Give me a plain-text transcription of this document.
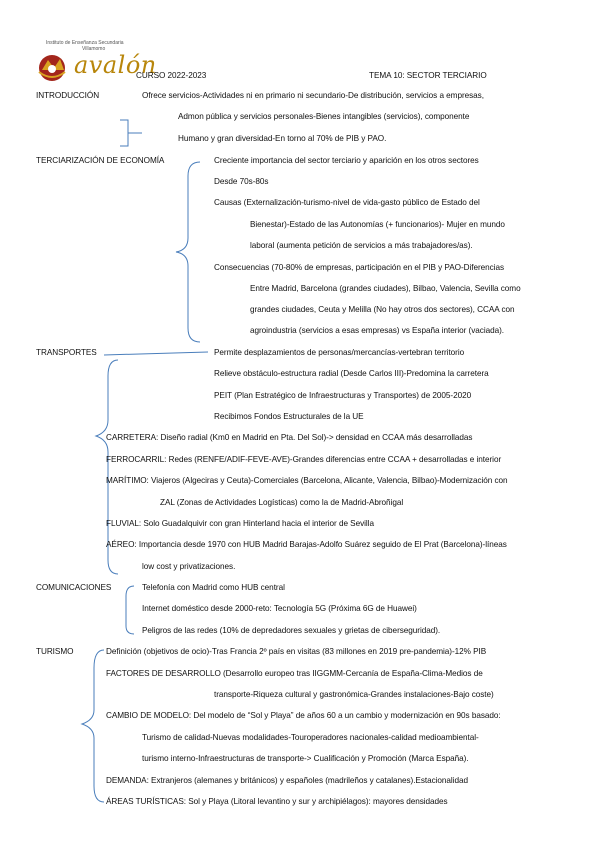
Instituto de Enseñanza Secundaria
Villamomo
avalón
CURSO 2022-2023	TEMA 10: SECTOR TERCIARIO
INTRODUCCIÓN	Ofrece servicios-Actividades ni en primario ni secundario-De distribución, servicios a empresas,
Admon pública y servicios personales-Bienes intangibles (servicios), componente
Humano y gran diversidad-En torno al 70% de PIB y PAO.
TERCIARIZACIÓN DE ECONOMÍA	Creciente importancia del sector terciario y aparición en los otros sectores
Desde 70s-80s
Causas (Externalización-turismo-nivel de vida-gasto público de Estado del
Bienestar)-Estado de las Autonomías (+ funcionarios)- Mujer en mundo
laboral (aumenta petición de servicios a más trabajadores/as).
Consecuencias (70-80% de empresas, participación en el PIB y PAO-Diferencias
Entre Madrid, Barcelona (grandes ciudades), Bilbao, Valencia, Sevilla como
grandes ciudades, Ceuta y Melilla (No hay otros dos sectores), CCAA con
agroindustria (servicios a esas empresas) vs España interior (vaciada).
TRANSPORTES	Permite desplazamientos de personas/mercancías-vertebran territorio
Relieve obstáculo-estructura radial (Desde Carlos III)-Predomina la carretera
PEIT (Plan Estratégico de Infraestructuras y Transportes) de 2005-2020
Recibimos Fondos Estructurales de la UE
CARRETERA: Diseño radial (Km0 en Madrid en Pta. Del Sol)-> densidad en CCAA más desarrolladas
FERROCARRIL: Redes (RENFE/ADIF-FEVE-AVE)-Grandes diferencias entre CCAA + desarrolladas e interior
MARÍTIMO: Viajeros (Algeciras y Ceuta)-Comerciales (Barcelona, Alicante, Valencia, Bilbao)-Modernización con
ZAL (Zonas de Actividades Logísticas) como la de Madrid-Abroñigal
FLUVIAL: Solo Guadalquivir con gran Hinterland hacia el interior de Sevilla
AÉREO: Importancia desde 1970 con HUB Madrid Barajas-Adolfo Suárez seguido de El Prat (Barcelona)-líneas
low cost y privatizaciones.
COMUNICACIONES	Telefonía con Madrid como HUB central
Internet doméstico desde 2000-reto: Tecnología 5G (Próxima 6G de Huawei)
Peligros de las redes (10% de depredadores sexuales y grietas de ciberseguridad).
TURISMO	Definición (objetivos de ocio)-Tras Francia 2º país en visitas (83 millones en 2019 pre-pandemia)-12% PIB
FACTORES DE DESARROLLO (Desarrollo europeo tras IIGGMM-Cercanía de España-Clima-Medios de
transporte-Riqueza cultural y gastronómica-Grandes instalaciones-Bajo coste)
CAMBIO DE MODELO: Del modelo de “Sol y Playa” de años 60 a un cambio y modernización en 90s basado:
Turismo de calidad-Nuevas modalidades-Touroperadores nacionales-calidad medioambiental-
turismo interno-Infraestructuras de transporte-> Cualificación y Promoción (Marca España).
DEMANDA: Extranjeros (alemanes y británicos) y españoles (madrileños y catalanes).Estacionalidad
ÁREAS TURÍSTICAS: Sol y Playa (Litoral levantino y sur y archipiélagos): mayores densidades
